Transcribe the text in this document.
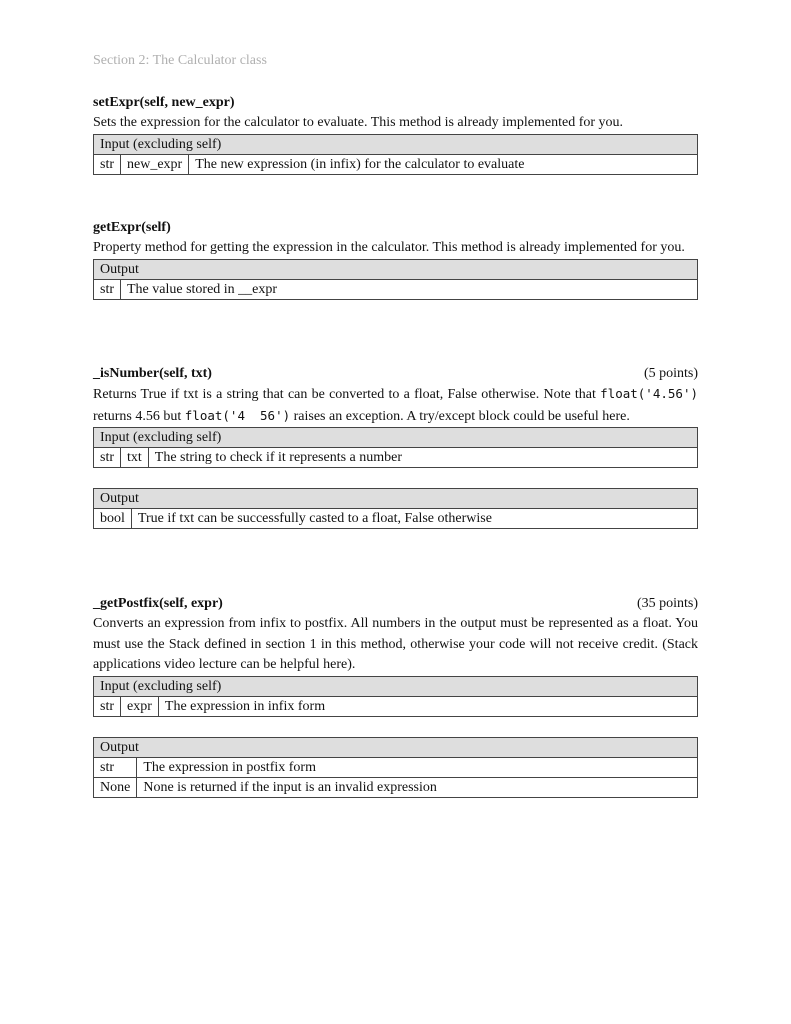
Section 2: The Calculator class
setExpr(self, new_expr)
Sets the expression for the calculator to evaluate. This method is already implemented for you.
Input (excluding self)
str	new_expr	The new expression (in infix) for the calculator to evaluate
getExpr(self)
Property method for getting the expression in the calculator. This method is already implemented for you.
Output
str	The value stored in __expr
_isNumber(self, txt)	(5 points)
Returns True if txt is a string that can be converted to a float, False otherwise. Note that float('4.56') returns 4.56 but float('4  56') raises an exception. A try/except block could be useful here.
Input (excluding self)
str	txt	The string to check if it represents a number
Output
bool	True if txt can be successfully casted to a float, False otherwise
_getPostfix(self, expr)	(35 points)
Converts an expression from infix to postfix. All numbers in the output must be represented as a float. You must use the Stack defined in section 1 in this method, otherwise your code will not receive credit. (Stack applications video lecture can be helpful here).
Input (excluding self)
str	expr	The expression in infix form
Output	
str	The expression in postfix form
None	None is returned if the input is an invalid expression
